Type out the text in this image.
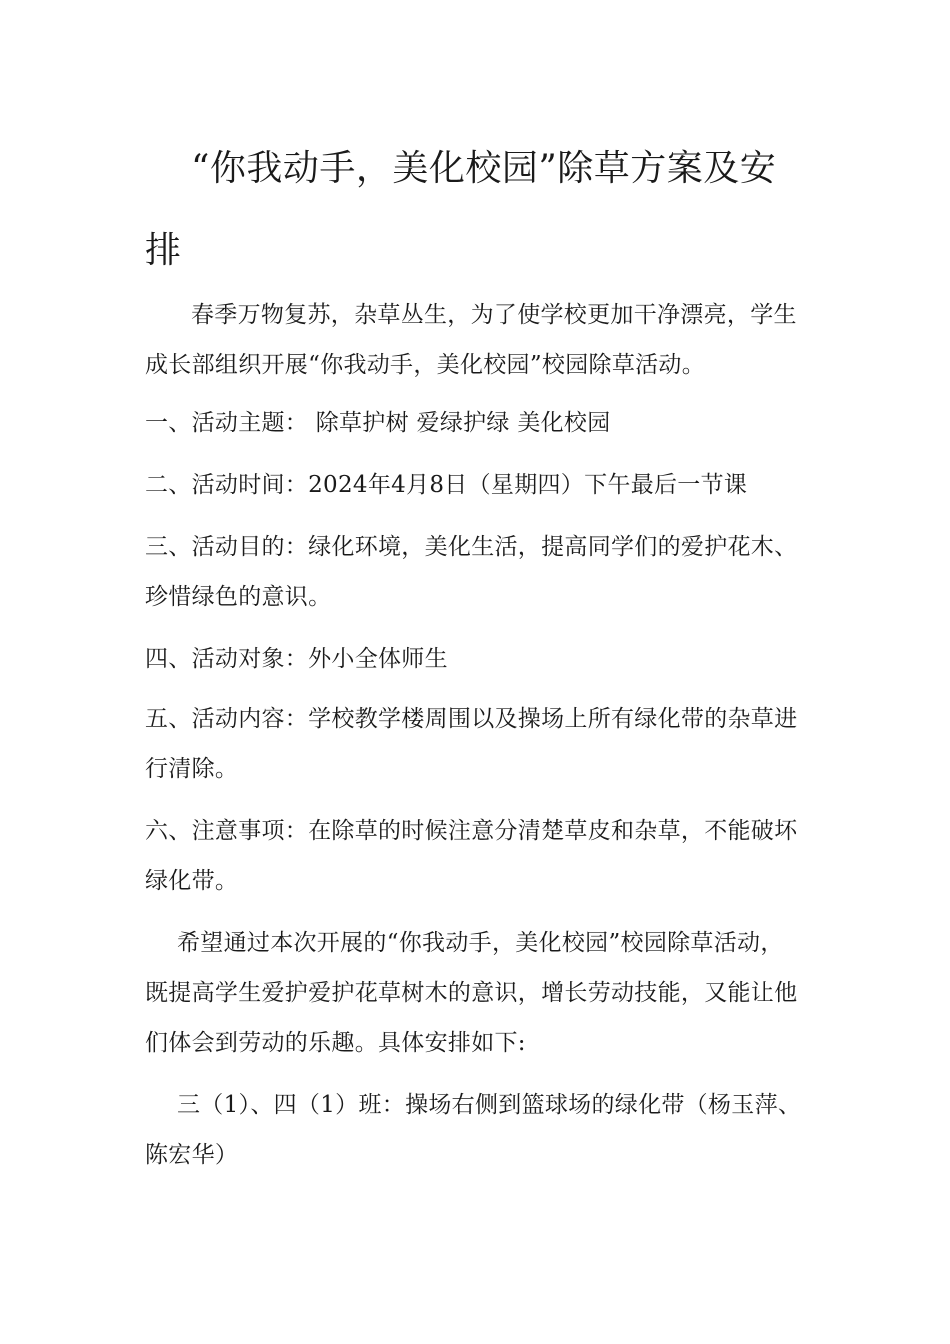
“你我动手，美化校园”除草方案及安排

春季万物复苏，杂草丛生，为了使学校更加干净漂亮，学生成长部组织开展“你我动手，美化校园”校园除草活动。

一、活动主题： 除草护树 爱绿护绿 美化校园

二、活动时间：2024年4月8日（星期四）下午最后一节课

三、活动目的：绿化环境，美化生活，提高同学们的爱护花木、珍惜绿色的意识。

四、活动对象：外小全体师生

五、活动内容：学校教学楼周围以及操场上所有绿化带的杂草进行清除。

六、注意事项：在除草的时候注意分清楚草皮和杂草，不能破坏绿化带。

希望通过本次开展的“你我动手，美化校园”校园除草活动，既提高学生爱护爱护花草树木的意识，增长劳动技能，又能让他们体会到劳动的乐趣。具体安排如下:

三（1）、四（1）班：操场右侧到篮球场的绿化带（杨玉萍、陈宏华）
